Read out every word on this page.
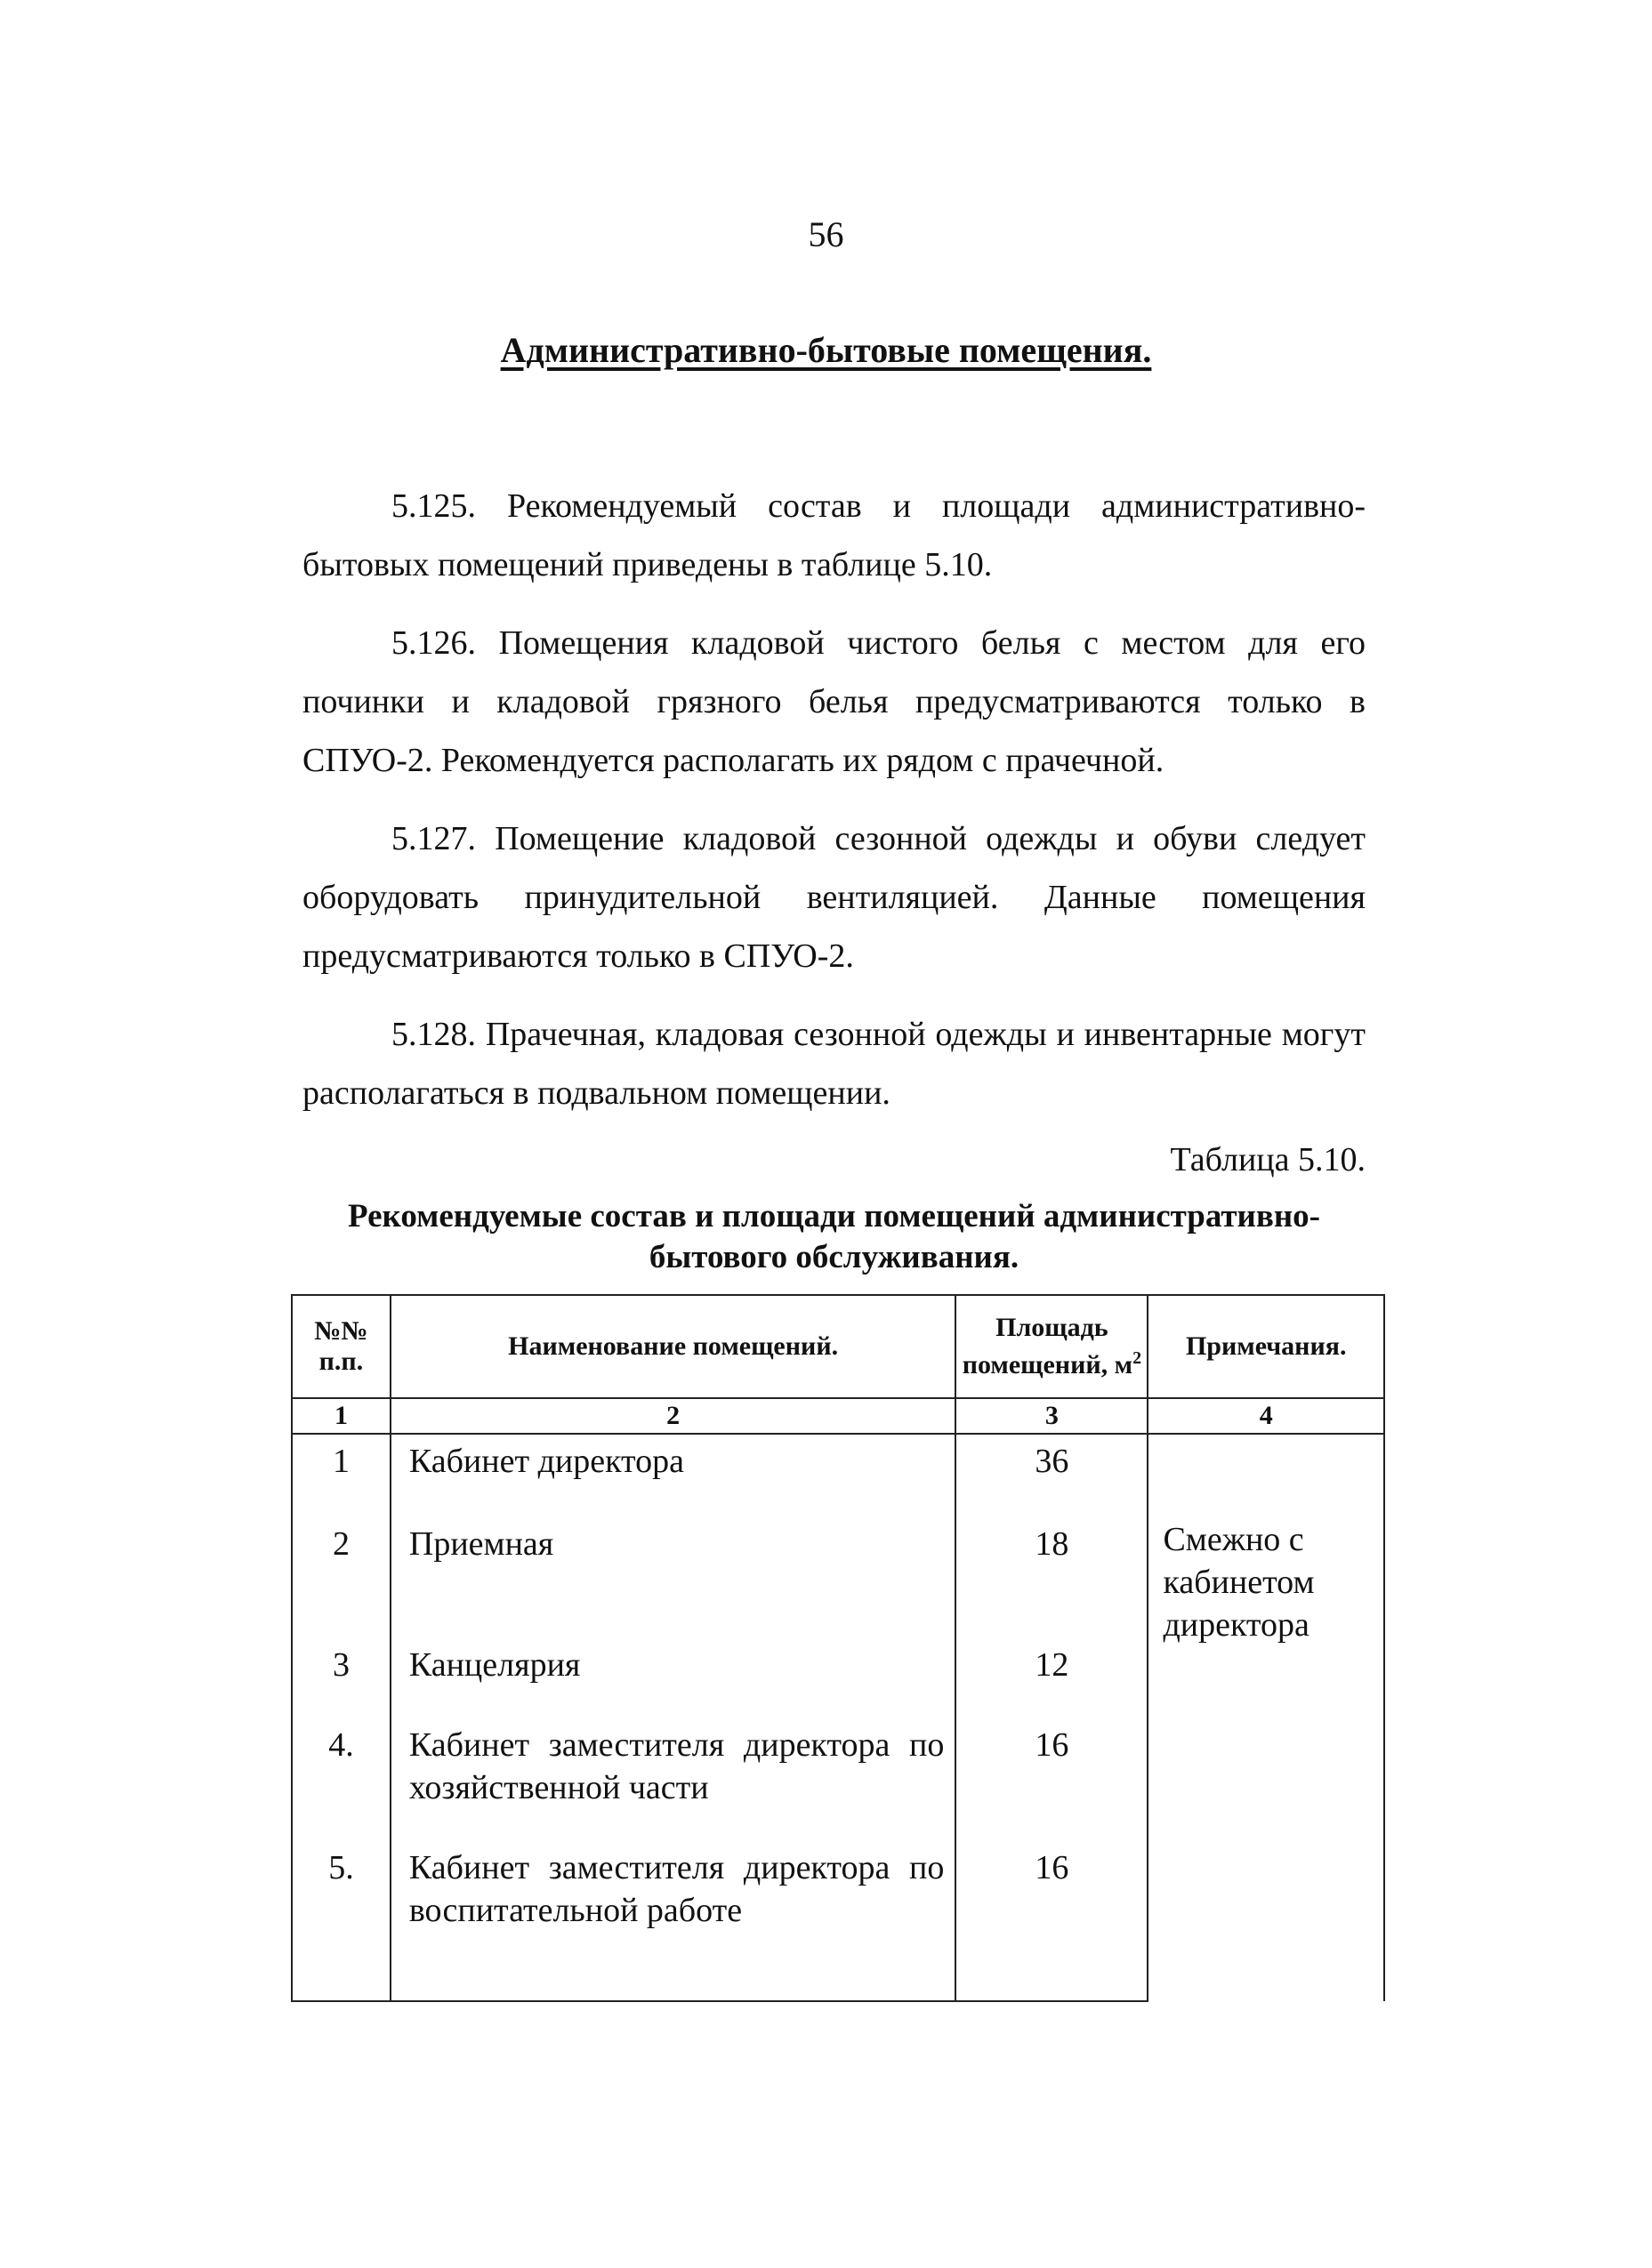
56
Административно-бытовые помещения.

5.125. Рекомендуемый состав и площади административно-бытовых помещений приведены в таблице 5.10.

5.126. Помещения кладовой чистого белья с местом для его починки и кладовой грязного белья предусматриваются только в СПУО-2. Рекомендуется располагать их рядом с прачечной.

5.127. Помещение кладовой сезонной одежды и обуви следует оборудовать принудительной вентиляцией. Данные помещения предусматриваются только в СПУО-2.

5.128. Прачечная, кладовая сезонной одежды и инвентарные могут располагаться в подвальном помещении.

Таблица 5.10.
Рекомендуемые состав и площади помещений административно-бытового обслуживания.
№№ п.п.	Наименование помещений.	Площадь помещений, $м^2$	Примечания.
1	2	3	4
1	Кабинет директора	36	Смежно с кабинетом директора

2	Приемная	18	
3	Канцелярия	12	
4.	Кабинет заместителя директора по хозяйственной части	16	
5.	Кабинет заместителя директора по воспитательной работе	16	
